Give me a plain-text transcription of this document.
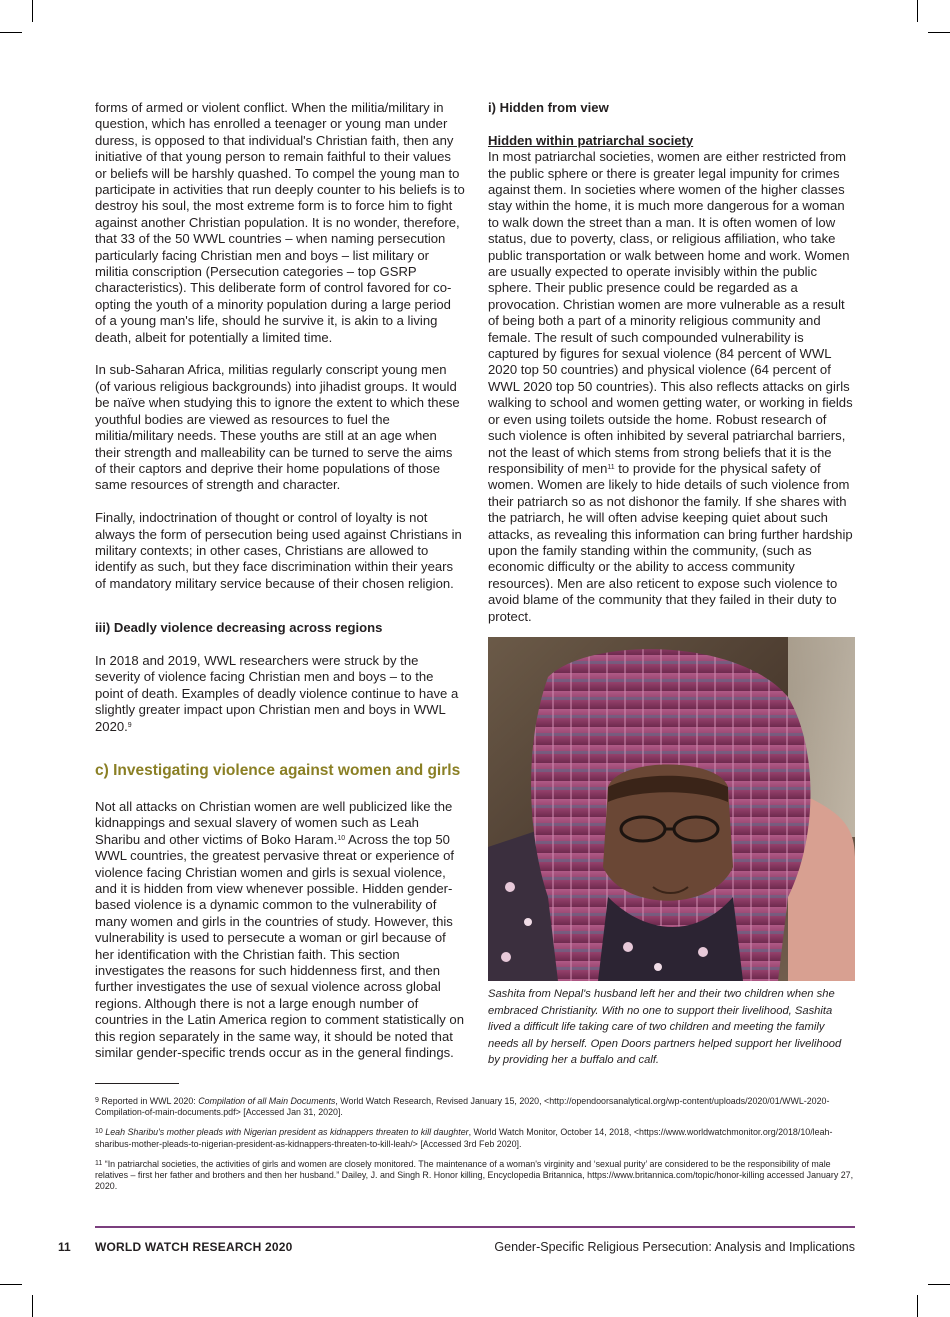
forms of armed or violent conflict. When the militia/military in question, which has enrolled a teenager or young man under duress, is opposed to that individual's Christian faith, then any initiative of that young person to remain faithful to their values or beliefs will be harshly quashed. To compel the young man to participate in activities that run deeply counter to his beliefs is to destroy his soul, the most extreme form is to force him to fight against another Christian population. It is no wonder, therefore, that 33 of the 50 WWL countries – when naming persecution particularly facing Christian men and boys – list military or militia conscription (Persecution categories – top GSRP characteristics). This deliberate form of control favored for co-opting the youth of a minority population during a large period of a young man's life, should he survive it, is akin to a living death, albeit for potentially a limited time.

In sub-Saharan Africa, militias regularly conscript young men (of various religious backgrounds) into jihadist groups. It would be naïve when studying this to ignore the extent to which these youthful bodies are viewed as resources to fuel the militia/military needs. These youths are still at an age when their strength and malleability can be turned to serve the aims of their captors and deprive their home populations of those same resources of strength and character.

Finally, indoctrination of thought or control of loyalty is not always the form of persecution being used against Christians in military contexts; in other cases, Christians are allowed to identify as such, but they face discrimination within their years of mandatory military service because of their chosen religion.

iii) Deadly violence decreasing across regions

In 2018 and 2019, WWL researchers were struck by the severity of violence facing Christian men and boys – to the point of death. Examples of deadly violence continue to have a slightly greater impact upon Christian men and boys in WWL 2020.$^9$

c) Investigating violence against women and girls

Not all attacks on Christian women are well publicized like the kidnappings and sexual slavery of women such as Leah Sharibu and other victims of Boko Haram.$^{10}$ Across the top 50 WWL countries, the greatest pervasive threat or experience of violence facing Christian women and girls is sexual violence, and it is hidden from view whenever possible. Hidden gender-based violence is a dynamic common to the vulnerability of many women and girls in the countries of study. However, this vulnerability is used to persecute a woman or girl because of her identification with the Christian faith. This section investigates the reasons for such hiddenness first, and then further investigates the use of sexual violence across global regions. Although there is not a large enough number of countries in the Latin America region to comment statistically on this region separately in the same way, it should be noted that similar gender-specific trends occur as in the general findings.

i) Hidden from view
Hidden within patriarchal society

In most patriarchal societies, women are either restricted from the public sphere or there is greater legal impunity for crimes against them. In societies where women of the higher classes stay within the home, it is much more dangerous for a woman to walk down the street than a man. It is often women of low status, due to poverty, class, or religious affiliation, who take public transportation or walk between home and work. Women are usually expected to operate invisibly within the public sphere. Their public presence could be regarded as a provocation. Christian women are more vulnerable as a result of being both a part of a minority religious community and female. The result of such compounded vulnerability is captured by figures for sexual violence (84 percent of WWL 2020 top 50 countries) and physical violence (64 percent of WWL 2020 top 50 countries). This also reflects attacks on girls walking to school and women getting water, or working in fields or even using toilets outside the home. Robust research of such violence is often inhibited by several patriarchal barriers, not the least of which stems from strong beliefs that it is the responsibility of men$^{11}$ to provide for the physical safety of women. Women are likely to hide details of such violence from their patriarch so as not dishonor the family. If she shares with the patriarch, he will often advise keeping quiet about such attacks, as revealing this information can bring further hardship upon the family standing within the community, (such as economic difficulty or the ability to access community resources). Men are also reticent to expose such violence to avoid blame of the community that they failed in their duty to protect.

Sashita from Nepal's husband left her and their two children when she embraced Christianity. With no one to support their livelihood, Sashita lived a difficult life taking care of two children and meeting the family needs all by herself. Open Doors partners helped support her livelihood by providing her a buffalo and calf.

$^9$ Reported in WWL 2020: Compilation of all Main Documents, World Watch Research, Revised January 15, 2020, <http://opendoorsanalytical.org/wp-content/uploads/2020/01/WWL-2020-Compilation-of-main-documents.pdf> [Accessed Jan 31, 2020].

$^{10}$ Leah Sharibu's mother pleads with Nigerian president as kidnappers threaten to kill daughter, World Watch Monitor, October 14, 2018, <https://www.worldwatchmonitor.org/2018/10/leah-sharibus-mother-pleads-to-nigerian-president-as-kidnappers-threaten-to-kill-leah/> [Accessed 3rd Feb 2020].

$^{11}$ “In patriarchal societies, the activities of girls and women are closely monitored. The maintenance of a woman's virginity and ‘sexual purity’ are considered to be the responsibility of male relatives – first her father and brothers and then her husband.” Dailey, J. and Singh R. Honor killing, Encyclopedia Britannica, https://www.britannica.com/topic/honor-killing accessed January 27, 2020.

11 WORLD WATCH RESEARCH 2020	Gender-Specific Religious Persecution: Analysis and Implications
